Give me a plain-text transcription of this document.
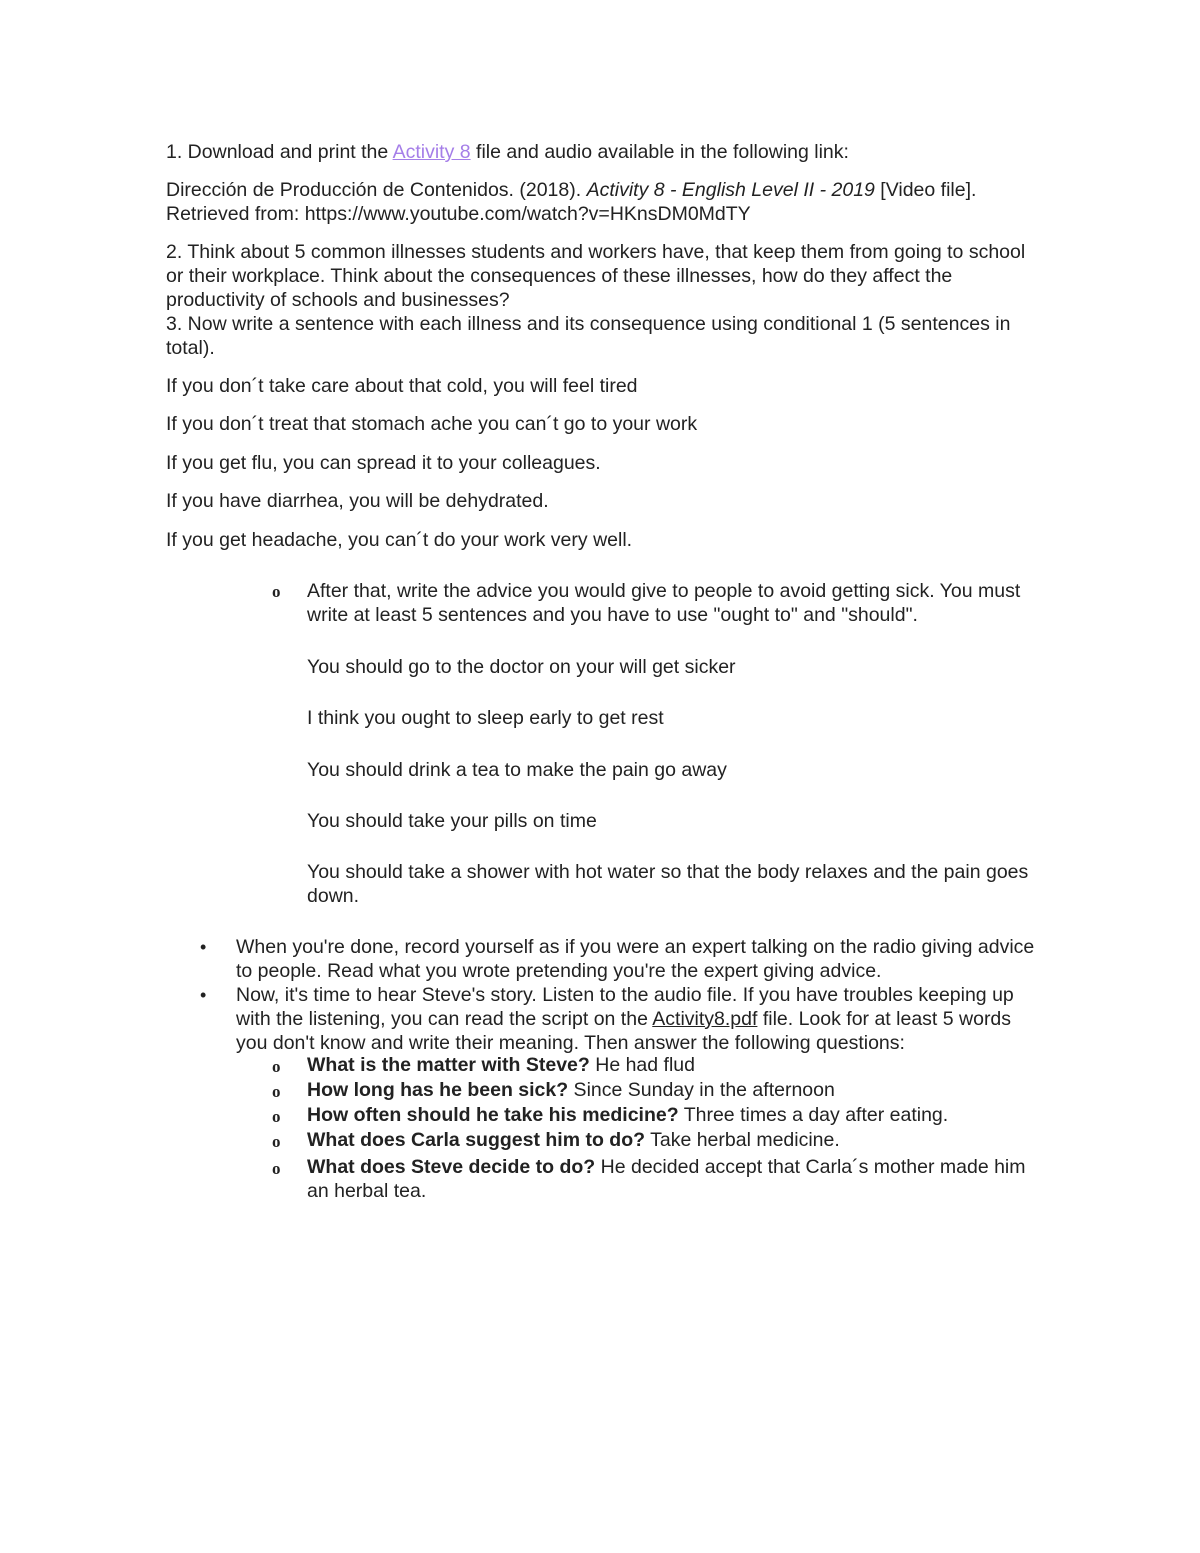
1. Download and print the Activity 8 file and audio available in the following link:

Dirección de Producción de Contenidos. (2018). Activity 8 - English Level II - 2019 [Video file]. Retrieved from: https://www.youtube.com/watch?v=HKnsDM0MdTY

2. Think about 5 common illnesses students and workers have, that keep them from going to school or their workplace. Think about the consequences of these illnesses, how do they affect the productivity of schools and businesses?

3. Now write a sentence with each illness and its consequence using conditional 1 (5 sentences in total).

If you don´t take care about that cold, you will feel tired

If you don´t treat that stomach ache you can´t go to your work

If you get flu, you can spread it to your colleagues.

If you have diarrhea, you will be dehydrated.

If you get headache, you can´t do your work very well.

o After that, write the advice you would give to people to avoid getting sick. You must write at least 5 sentences and you have to use "ought to" and "should".

You should go to the doctor on your will get sicker

I think you ought to sleep early to get rest

You should drink a tea to make the pain go away

You should take your pills on time

You should take a shower with hot water so that the body relaxes and the pain goes down.

• When you're done, record yourself as if you were an expert talking on the radio giving advice to people. Read what you wrote pretending you're the expert giving advice.

• Now, it's time to hear Steve's story. Listen to the audio file. If you have troubles keeping up with the listening, you can read the script on the Activity8.pdf file. Look for at least 5 words you don't know and write their meaning. Then answer the following questions:

o What is the matter with Steve? He had flud

o How long has he been sick? Since Sunday in the afternoon

o How often should he take his medicine? Three times a day after eating.

o What does Carla suggest him to do? Take herbal medicine.

o What does Steve decide to do? He decided accept that Carla´s mother made him an herbal tea.
